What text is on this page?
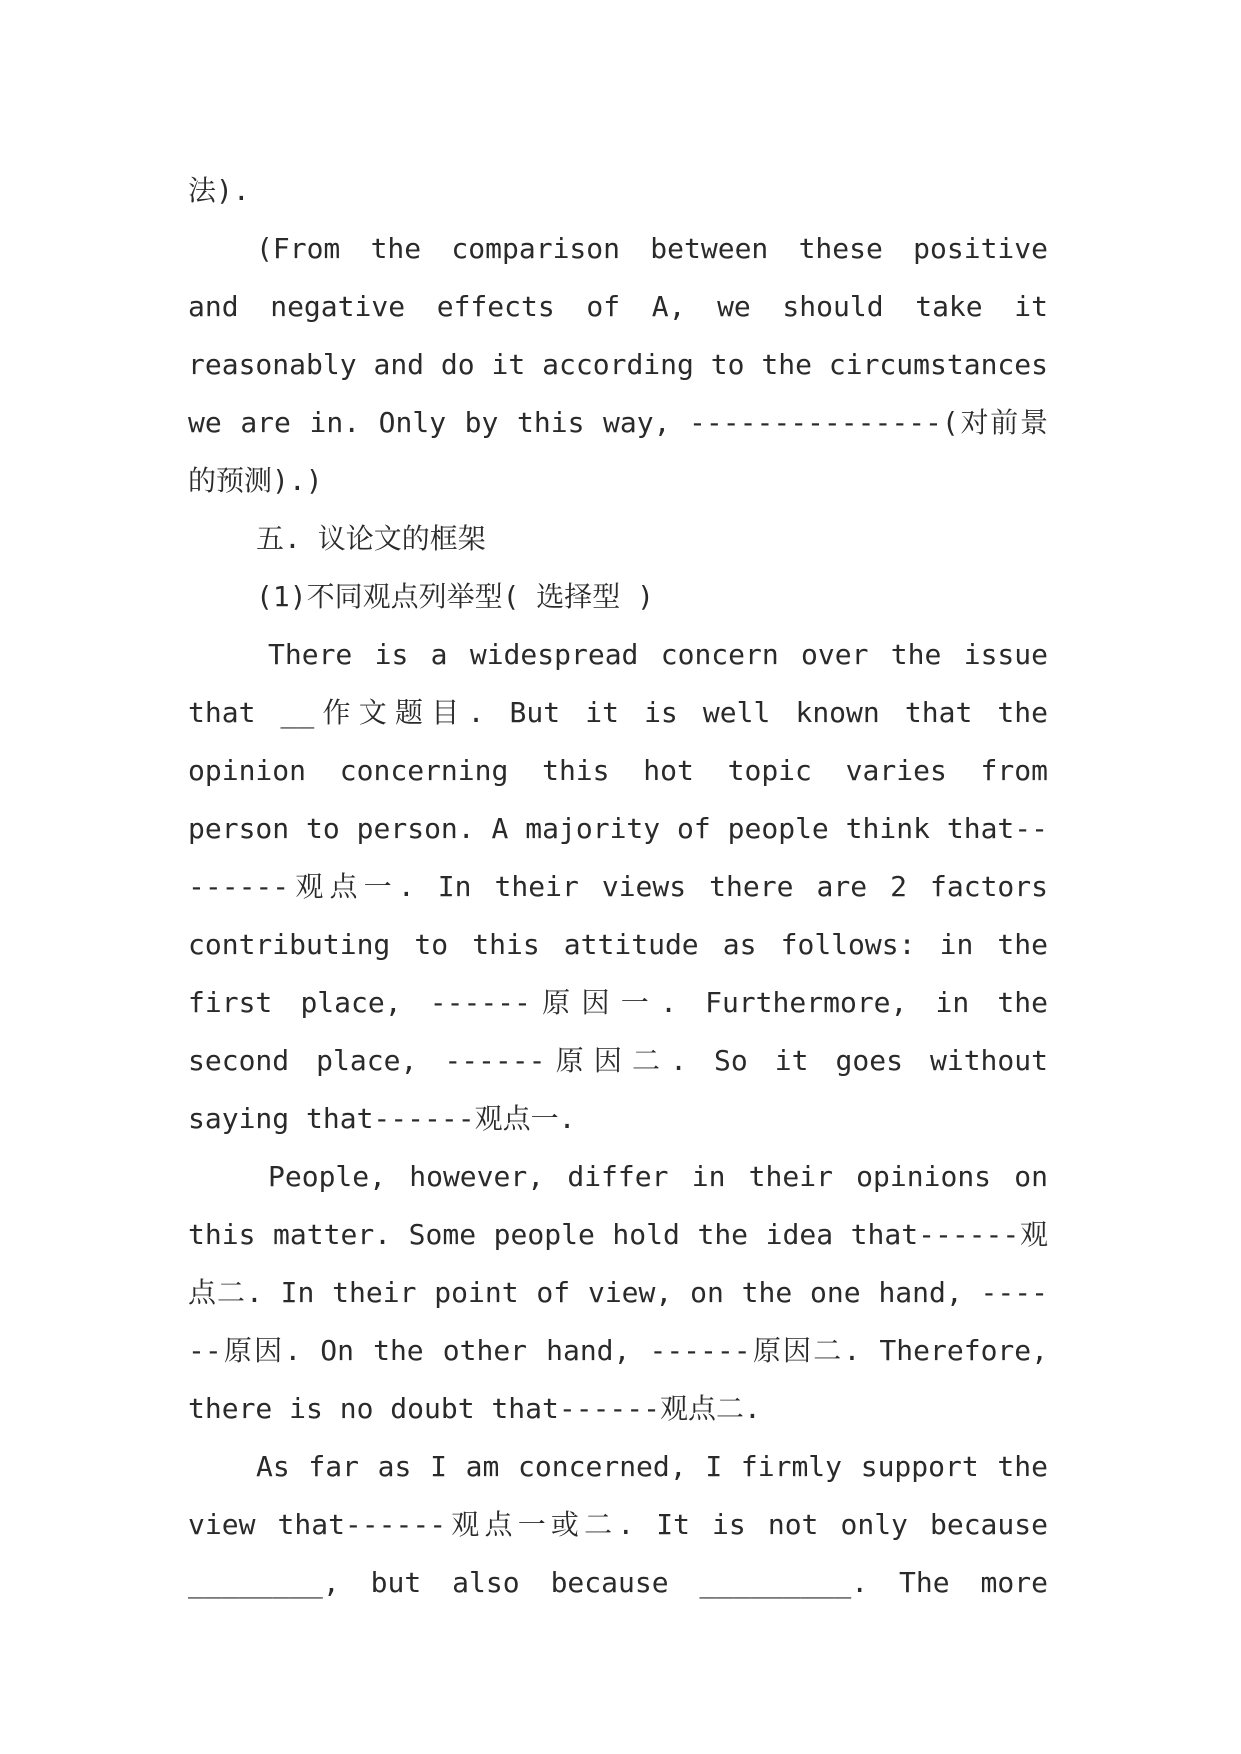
法).

(From the comparison between these positive and negative effects of A, we should take it reasonably and do it according to the circumstances we are in. Only by this way, ---------------(对前景的预测).)

五. 议论文的框架

(1)不同观点列举型( 选择型 )

There is a widespread concern over the issue that __作文题目. But it is well known that the opinion concerning this hot topic varies from person to person. A majority of people think that--------观点一. In their views there are 2 factors contributing to this attitude as follows: in the first place, ------原因一. Furthermore, in the second place, ------原因二. So it goes without saying that------观点一.

People, however, differ in their opinions on this matter. Some people hold the idea that------观点二. In their point of view, on the one hand, ------原因. On the other hand, ------原因二. Therefore, there is no doubt that------观点二.

As far as I am concerned, I firmly support the view that------观点一或二. It is not only because ________, but also because _________. The more
